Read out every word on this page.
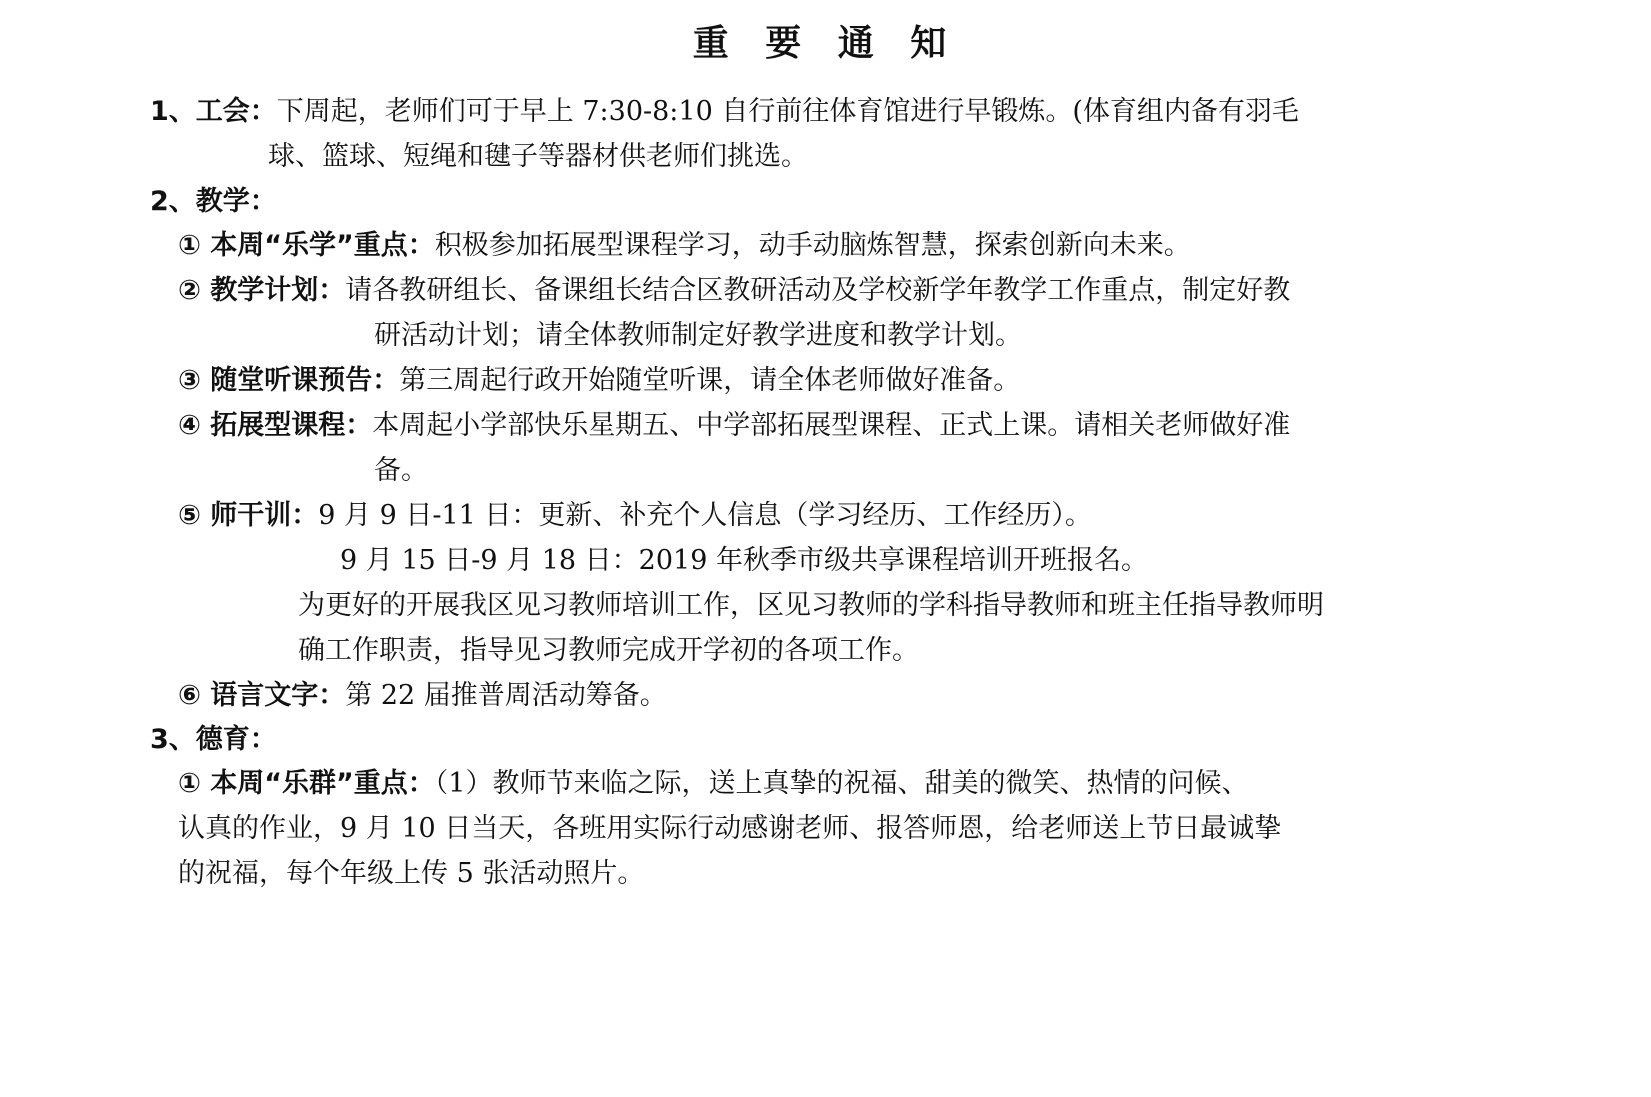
重 要 通 知
1、工会：下周起，老师们可于早上 7:30-8:10 自行前往体育馆进行早锻炼。(体育组内备有羽毛
球、篮球、短绳和毽子等器材供老师们挑选。
2、教学：
① 本周“乐学”重点：积极参加拓展型课程学习，动手动脑炼智慧，探索创新向未来。
② 教学计划：请各教研组长、备课组长结合区教研活动及学校新学年教学工作重点，制定好教
研活动计划；请全体教师制定好教学进度和教学计划。
③ 随堂听课预告：第三周起行政开始随堂听课，请全体老师做好准备。
④ 拓展型课程：本周起小学部快乐星期五、中学部拓展型课程、正式上课。请相关老师做好准
备。
⑤ 师干训：9 月 9 日-11 日：更新、补充个人信息（学习经历、工作经历）。
9 月 15 日-9 月 18 日：2019 年秋季市级共享课程培训开班报名。
为更好的开展我区见习教师培训工作，区见习教师的学科指导教师和班主任指导教师明
确工作职责，指导见习教师完成开学初的各项工作。
⑥ 语言文字：第 22 届推普周活动筹备。
3、德育：
① 本周“乐群”重点：（1）教师节来临之际，送上真挚的祝福、甜美的微笑、热情的问候、
认真的作业，9 月 10 日当天，各班用实际行动感谢老师、报答师恩，给老师送上节日最诚挚
的祝福，每个年级上传 5 张活动照片。
